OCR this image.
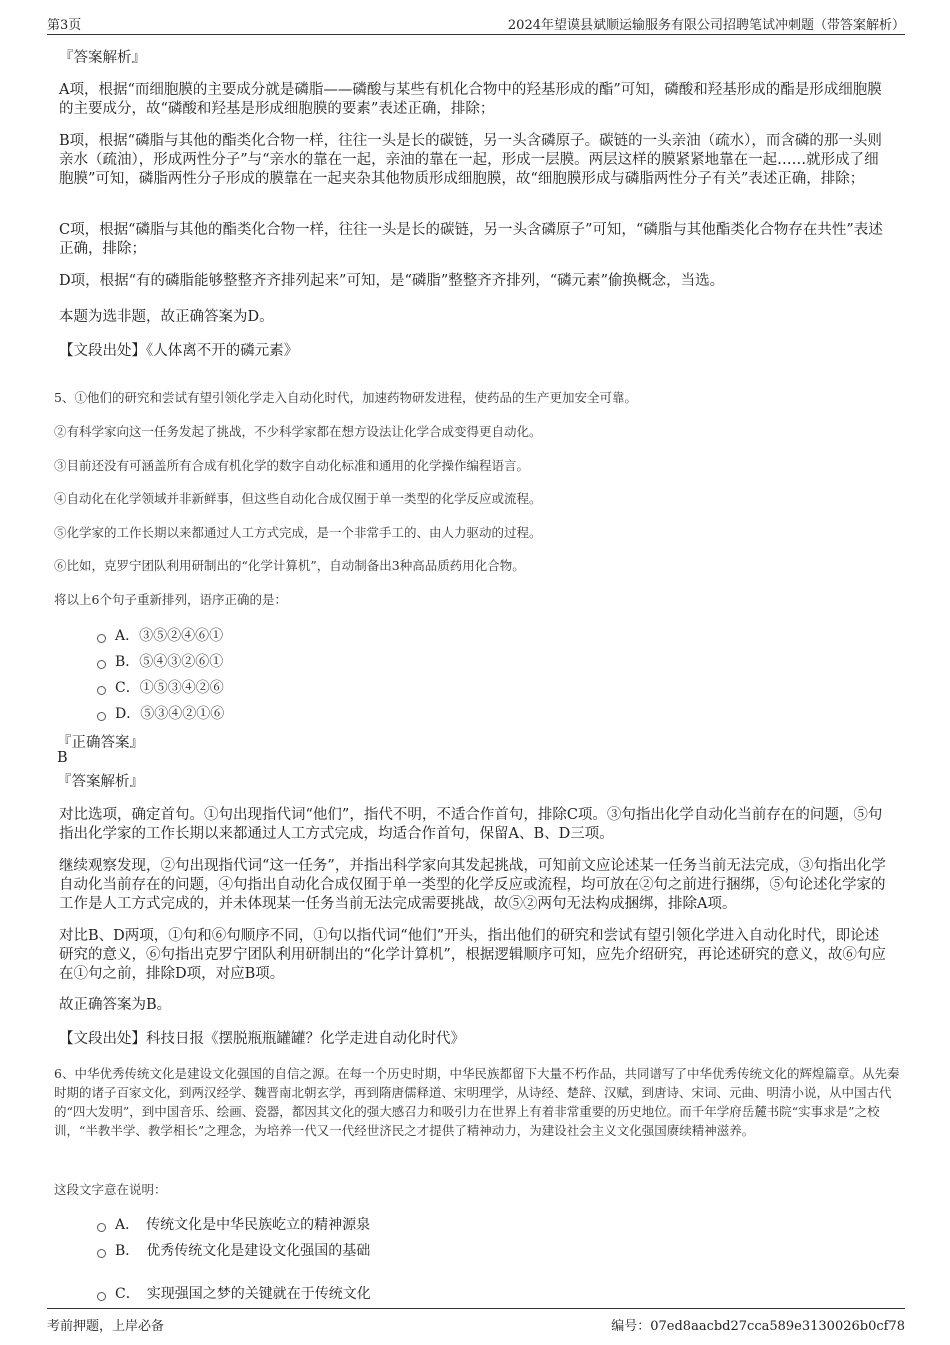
第3页	2024年望谟县斌顺运输服务有限公司招聘笔试冲刺题（带答案解析）
『答案解析』
A项，根据“而细胞膜的主要成分就是磷脂——磷酸与某些有机化合物中的羟基形成的酯”可知，磷酸和羟基形成的酯是形成细胞膜的主要成分，故“磷酸和羟基是形成细胞膜的要素”表述正确，排除；
B项，根据“磷脂与其他的酯类化合物一样，往往一头是长的碳链，另一头含磷原子。碳链的一头亲油（疏水），而含磷的那一头则亲水（疏油），形成两性分子”与“亲水的靠在一起，亲油的靠在一起，形成一层膜。两层这样的膜紧紧地靠在一起……就形成了细胞膜”可知，磷脂两性分子形成的膜靠在一起夹杂其他物质形成细胞膜，故“细胞膜形成与磷脂两性分子有关”表述正确，排除；
C项，根据“磷脂与其他的酯类化合物一样，往往一头是长的碳链，另一头含磷原子”可知，“磷脂与其他酯类化合物存在共性”表述正确，排除；
D项，根据“有的磷脂能够整整齐齐排列起来”可知，是“磷脂”整整齐齐排列，“磷元素”偷换概念，当选。
本题为选非题，故正确答案为D。
【文段出处】《人体离不开的磷元素》
5、①他们的研究和尝试有望引领化学走入自动化时代，加速药物研发进程，使药品的生产更加安全可靠。
②有科学家向这一任务发起了挑战，不少科学家都在想方设法让化学合成变得更自动化。
③目前还没有可涵盖所有合成有机化学的数字自动化标准和通用的化学操作编程语言。
④自动化在化学领域并非新鲜事，但这些自动化合成仅囿于单一类型的化学反应或流程。
⑤化学家的工作长期以来都通过人工方式完成，是一个非常手工的、由人力驱动的过程。
⑥比如，克罗宁团队利用研制出的“化学计算机”，自动制备出3种高品质药用化合物。
将以上6个句子重新排列，语序正确的是：
A．③⑤②④⑥①
B．⑤④③②⑥①
C．①⑤③④②⑥
D．⑤③④②①⑥
『正确答案』
B
『答案解析』
对比选项，确定首句。①句出现指代词“他们”，指代不明，不适合作首句，排除C项。③句指出化学自动化当前存在的问题，⑤句指出化学家的工作长期以来都通过人工方式完成，均适合作首句，保留A、B、D三项。
继续观察发现，②句出现指代词“这一任务”，并指出科学家向其发起挑战，可知前文应论述某一任务当前无法完成，③句指出化学自动化当前存在的问题，④句指出自动化合成仅囿于单一类型的化学反应或流程，均可放在②句之前进行捆绑，⑤句论述化学家的工作是人工方式完成的，并未体现某一任务当前无法完成需要挑战，故⑤②两句无法构成捆绑，排除A项。
对比B、D两项，①句和⑥句顺序不同，①句以指代词“他们”开头，指出他们的研究和尝试有望引领化学进入自动化时代，即论述研究的意义，⑥句指出克罗宁团队利用研制出的“化学计算机”，根据逻辑顺序可知，应先介绍研究，再论述研究的意义，故⑥句应在①句之前，排除D项，对应B项。
故正确答案为B。
【文段出处】科技日报《摆脱瓶瓶罐罐？化学走进自动化时代》
6、中华优秀传统文化是建设文化强国的自信之源。在每一个历史时期，中华民族都留下大量不朽作品，共同谱写了中华优秀传统文化的辉煌篇章。从先秦时期的诸子百家文化，到两汉经学、魏晋南北朝玄学，再到隋唐儒释道、宋明理学，从诗经、楚辞、汉赋，到唐诗、宋词、元曲、明清小说，从中国古代的“四大发明”，到中国音乐、绘画、瓷器，都因其文化的强大感召力和吸引力在世界上有着非常重要的历史地位。而千年学府岳麓书院“实事求是”之校训，“半教半学、教学相长”之理念，为培养一代又一代经世济民之才提供了精神动力，为建设社会主义文化强国赓续精神滋养。
这段文字意在说明：
A．　传统文化是中华民族屹立的精神源泉
B．　优秀传统文化是建设文化强国的基础
C．　实现强国之梦的关键就在于传统文化
考前押题，上岸必备	编号：07ed8aacbd27cca589e3130026b0cf78
